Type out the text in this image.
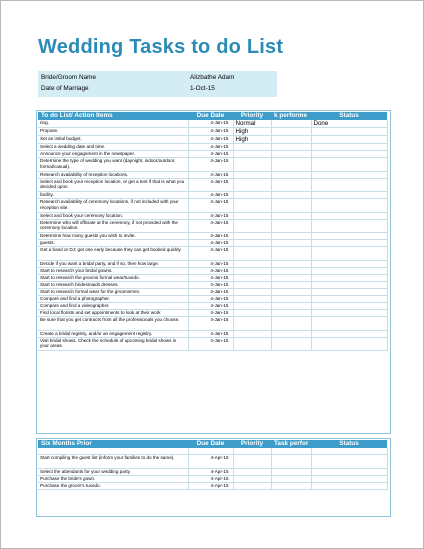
Wedding Tasks to do List
Bride/Groom Name	Alizbathe Adam
Date of Marriage	1-Oct-15
To do List/ Action Items	Due Date	Priority	k performe	Status
ring.	4-Jan-15	Normal		Done
Propose.	4-Jan-15	High		
Set an initial budget.	4-Jan-15	High		
Select a wedding date and time.	4-Jan-15			
Announce your engagement in the newspaper.	4-Jan-15			
Determine the type of wedding you want (daynight, indoor/outdoor, formal/casual).	4-Jan-15			
Research availability of reception locations.	4-Jan-15			
Select and book your reception location, or get a tent if that is what you decided upon	4-Jan-15			
facility.	4-Jan-15			
Research availability of ceremony locations, if not included with your reception site.	4-Jan-15			
Select and book your ceremony location.	4-Jan-15			
Determine who will officiate at the ceremony, if not provided with the ceremony location.	4-Jan-15			
Determine how many guests you wish to invite.	4-Jan-15			
guests.	4-Jan-15			
Get a band or DJ; get one early because they can get booked quickly.	4-Jan-15			
Decide if you want a bridal party, and if so, then how large.	4-Jan-15			
Start to research your bridal gowns.	4-Jan-15			
Start to research the grooms formal wear/tuxedo.	4-Jan-15			
Start to research bridesmaids dresses.	4-Jan-15			
Start to research formal wear for the groomsmen.	4-Jan-15			
Compare and find a photographer.	4-Jan-15			
Compare and find a videographer.	4-Jan-15			
Find local florists and set appointments to look at their work	4-Jan-15			
Be sure that you get contracts from all the professionals you choose.	4-Jan-15			
Create a bridal registry, and/or an engagement registry.	4-Jan-15			
Visit bridal shows. Check the schedule of upcoming bridal shows in your areas.	4-Jan-15			
Six Months Prior	Due Date	Priority	Task perfor	Status

Start compiling the guest list (inform your families to do the same).	4-Apr-15			
Select the attendants for your wedding party.	4-Apr-15			
Purchase the bride's gown.	4-Apr-15			
Purchase the groom's tuxedo.	4-Apr-15			
